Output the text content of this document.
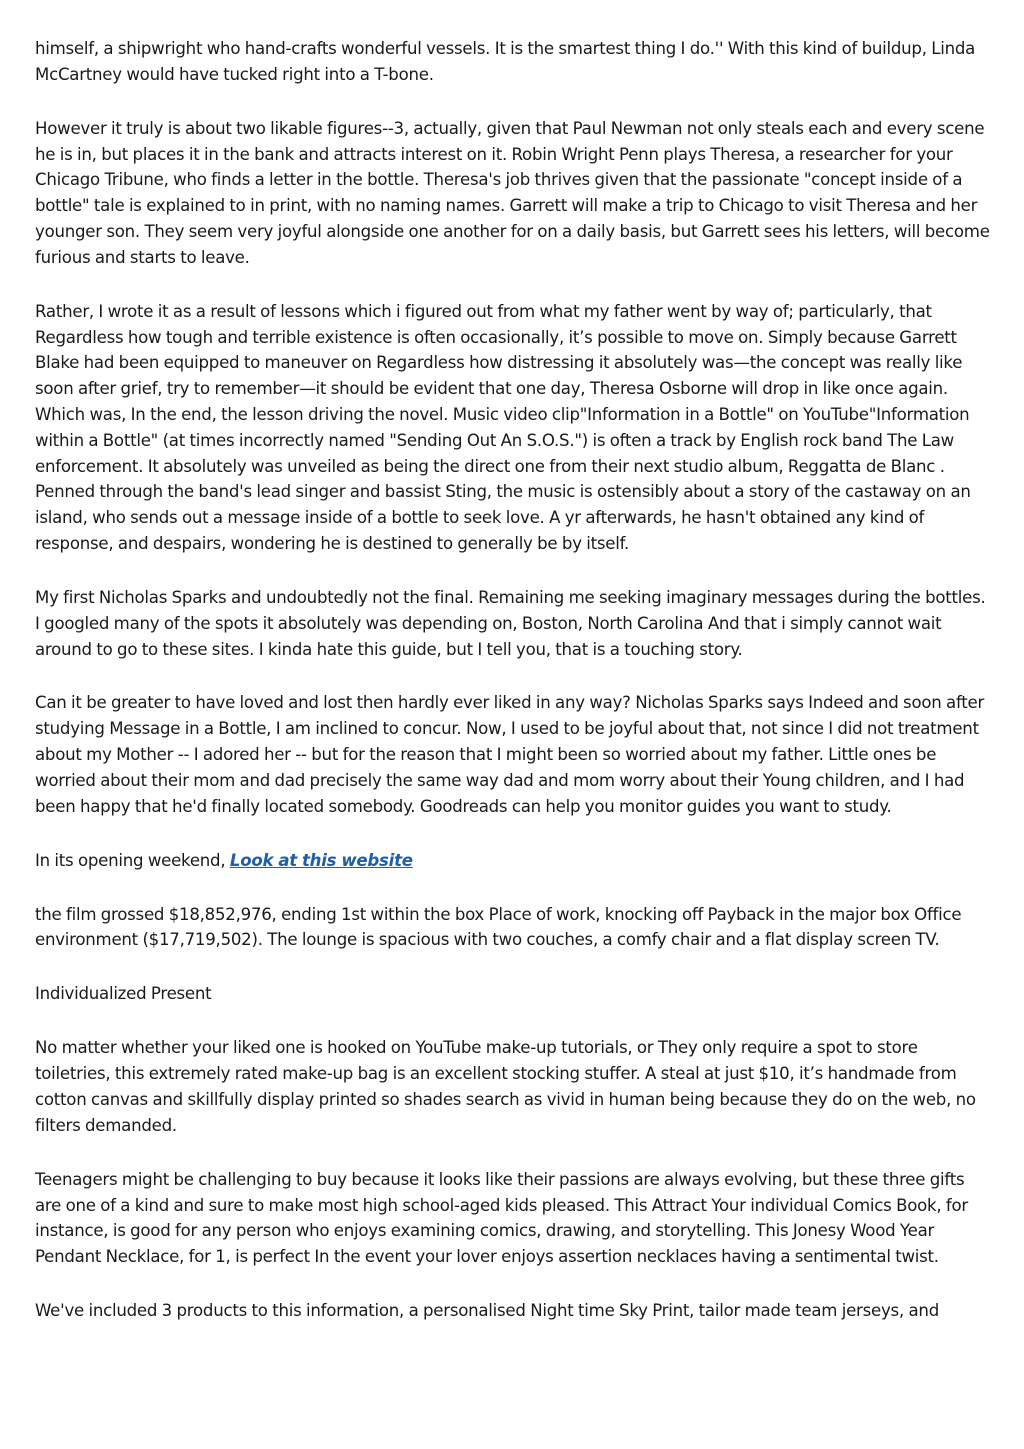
himself, a shipwright who hand-crafts wonderful vessels. It is the smartest thing I do.'' With this kind of buildup, Linda McCartney would have tucked right into a T-bone.

However it truly is about two likable figures--3, actually, given that Paul Newman not only steals each and every scene he is in, but places it in the bank and attracts interest on it. Robin Wright Penn plays Theresa, a researcher for your Chicago Tribune, who finds a letter in the bottle. Theresa's job thrives given that the passionate "concept inside of a bottle" tale is explained to in print, with no naming names. Garrett will make a trip to Chicago to visit Theresa and her younger son. They seem very joyful alongside one another for on a daily basis, but Garrett sees his letters, will become furious and starts to leave.

Rather, I wrote it as a result of lessons which i figured out from what my father went by way of; particularly, that Regardless how tough and terrible existence is often occasionally, it’s possible to move on. Simply because Garrett Blake had been equipped to maneuver on Regardless how distressing it absolutely was—the concept was really like soon after grief, try to remember—it should be evident that one day, Theresa Osborne will drop in like once again. Which was, In the end, the lesson driving the novel. Music video clip"Information in a Bottle" on YouTube"Information within a Bottle" (at times incorrectly named "Sending Out An S.O.S.") is often a track by English rock band The Law enforcement. It absolutely was unveiled as being the direct one from their next studio album, Reggatta de Blanc . Penned through the band's lead singer and bassist Sting, the music is ostensibly about a story of the castaway on an island, who sends out a message inside of a bottle to seek love. A yr afterwards, he hasn't obtained any kind of response, and despairs, wondering he is destined to generally be by itself.

My first Nicholas Sparks and undoubtedly not the final. Remaining me seeking imaginary messages during the bottles. I googled many of the spots it absolutely was depending on, Boston, North Carolina And that i simply cannot wait around to go to these sites. I kinda hate this guide, but I tell you, that is a touching story.

Can it be greater to have loved and lost then hardly ever liked in any way? Nicholas Sparks says Indeed and soon after studying Message in a Bottle, I am inclined to concur. Now, I used to be joyful about that, not since I did not treatment about my Mother -- I adored her -- but for the reason that I might been so worried about my father. Little ones be worried about their mom and dad precisely the same way dad and mom worry about their Young children, and I had been happy that he'd finally located somebody. Goodreads can help you monitor guides you want to study.

In its opening weekend, Look at this website

the film grossed $18,852,976, ending 1st within the box Place of work, knocking off Payback in the major box Office environment ($17,719,502). The lounge is spacious with two couches, a comfy chair and a flat display screen TV.

Individualized Present

No matter whether your liked one is hooked on YouTube make-up tutorials, or They only require a spot to store toiletries, this extremely rated make-up bag is an excellent stocking stuffer. A steal at just $10, it’s handmade from cotton canvas and skillfully display printed so shades search as vivid in human being because they do on the web, no filters demanded.

Teenagers might be challenging to buy because it looks like their passions are always evolving, but these three gifts are one of a kind and sure to make most high school-aged kids pleased. This Attract Your individual Comics Book, for instance, is good for any person who enjoys examining comics, drawing, and storytelling. This Jonesy Wood Year Pendant Necklace, for 1, is perfect In the event your lover enjoys assertion necklaces having a sentimental twist.

We've included 3 products to this information, a personalised Night time Sky Print, tailor made team jerseys, and
